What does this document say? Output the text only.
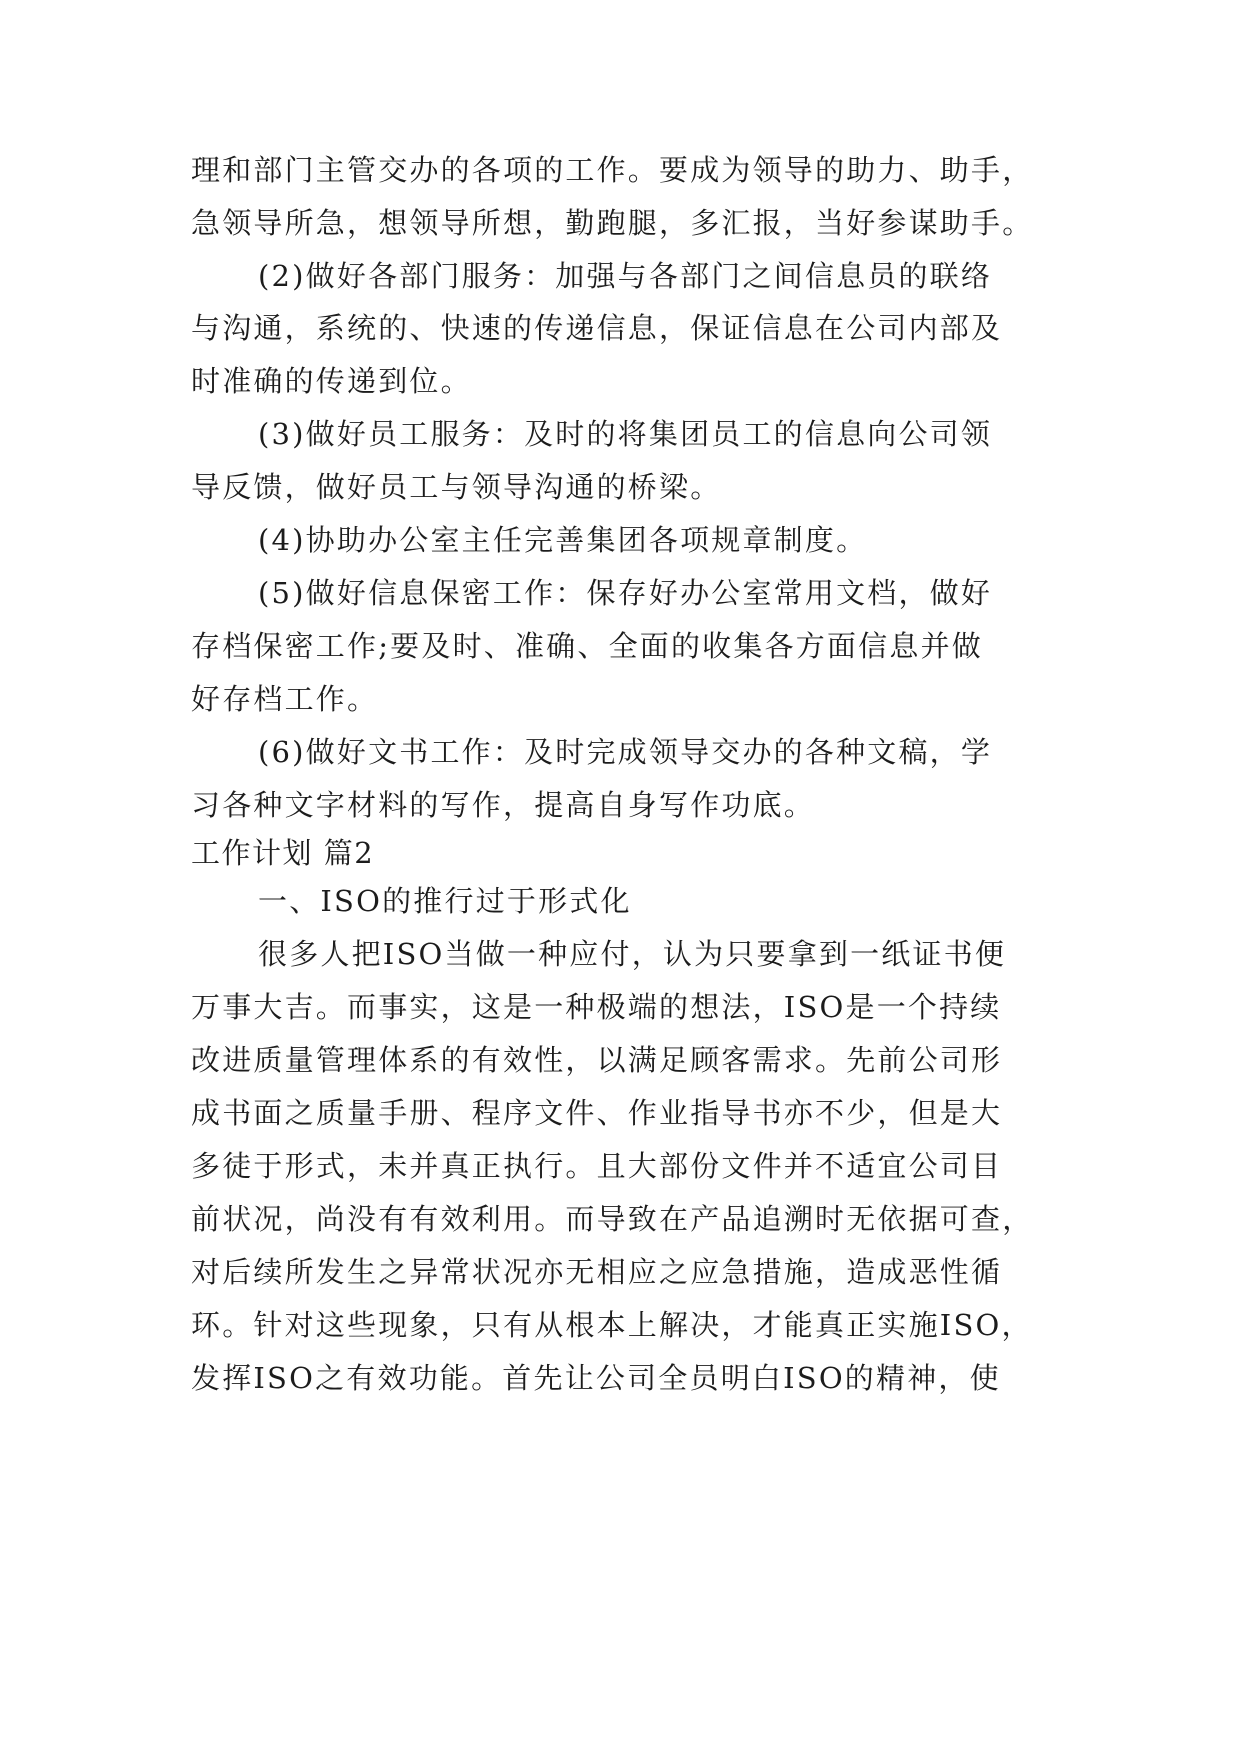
理和部门主管交办的各项的工作。要成为领导的助力、助手，
急领导所急，想领导所想，勤跑腿，多汇报，当好参谋助手。
(2)做好各部门服务：加强与各部门之间信息员的联络
与沟通，系统的、快速的传递信息，保证信息在公司内部及
时准确的传递到位。
(3)做好员工服务：及时的将集团员工的信息向公司领
导反馈，做好员工与领导沟通的桥梁。
(4)协助办公室主任完善集团各项规章制度。
(5)做好信息保密工作：保存好办公室常用文档，做好
存档保密工作;要及时、准确、全面的收集各方面信息并做
好存档工作。
(6)做好文书工作：及时完成领导交办的各种文稿，学
习各种文字材料的写作，提高自身写作功底。
工作计划 篇2
一、ISO的推行过于形式化
很多人把ISO当做一种应付，认为只要拿到一纸证书便
万事大吉。而事实，这是一种极端的想法，ISO是一个持续
改进质量管理体系的有效性，以满足顾客需求。先前公司形
成书面之质量手册、程序文件、作业指导书亦不少，但是大
多徒于形式，未并真正执行。且大部份文件并不适宜公司目
前状况，尚没有有效利用。而导致在产品追溯时无依据可查，
对后续所发生之异常状况亦无相应之应急措施，造成恶性循
环。针对这些现象，只有从根本上解决，才能真正实施ISO，
发挥ISO之有效功能。首先让公司全员明白ISO的精神，使
